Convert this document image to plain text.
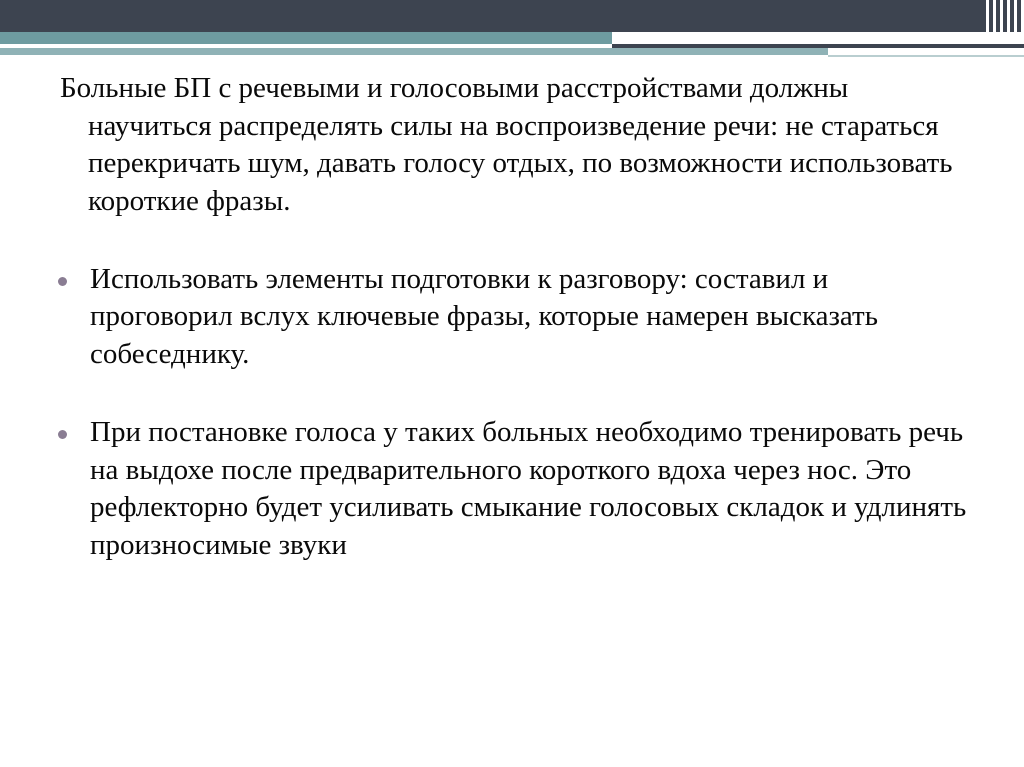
Больные БП с речевыми и голосовыми расстройствами должны научиться распределять силы на воспроизведение речи: не стараться перекричать шум, давать голосу отдых, по возможности использовать короткие фразы.

Использовать элементы подготовки к разговору: составил и проговорил вслух ключевые фразы, которые намерен высказать собеседнику.
При постановке голоса у таких больных необходимо тренировать речь на выдохе после предварительного короткого вдоха через нос. Это рефлекторно будет усиливать смыкание голосовых складок и удлинять произносимые звуки
